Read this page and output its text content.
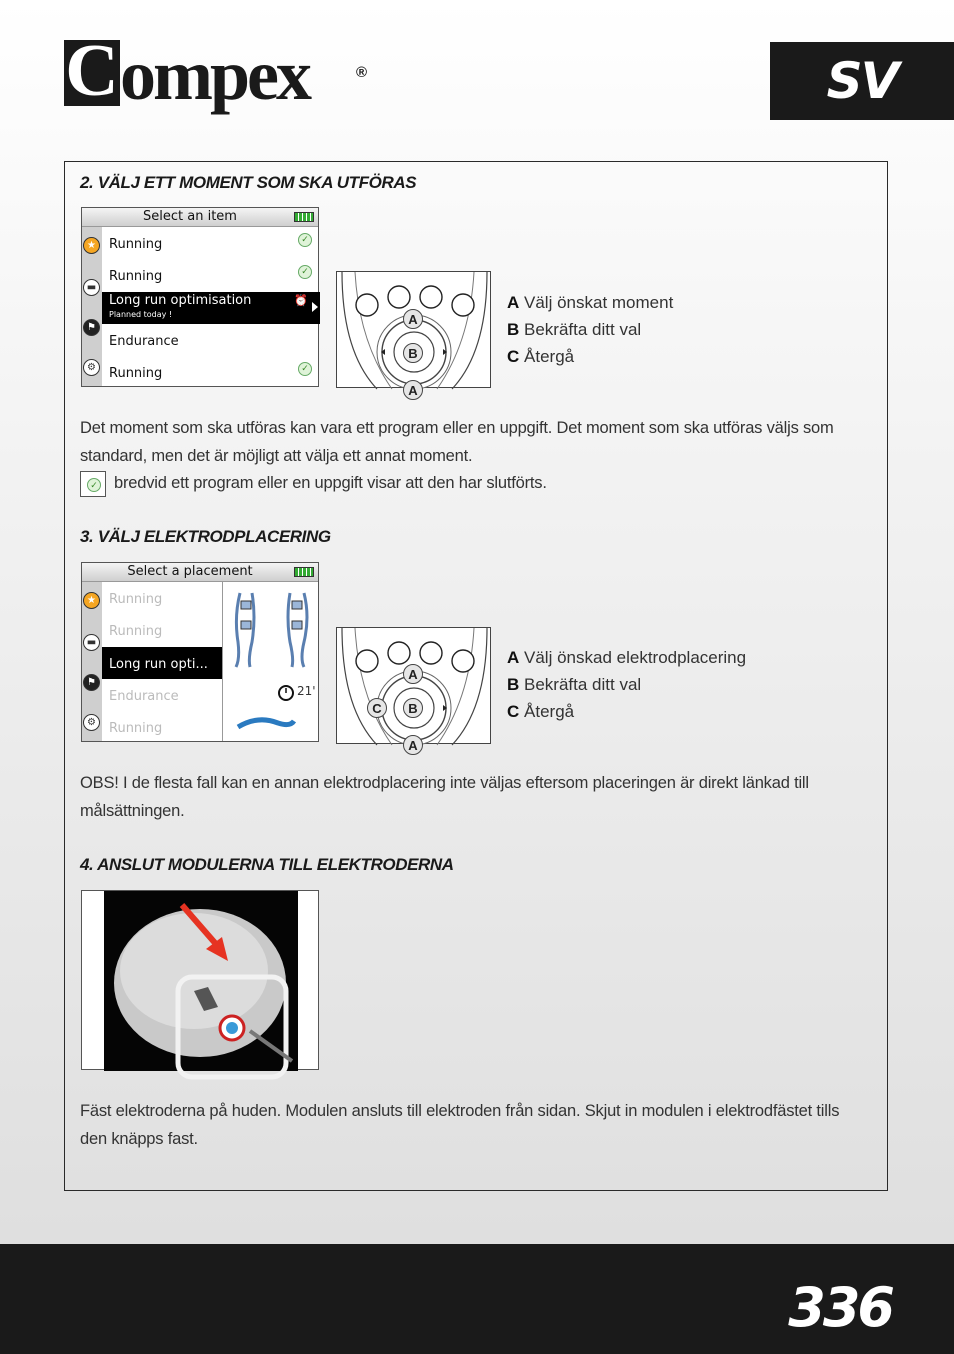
C ompex	®	SV
2. VÄLJ ETT MOMENT SOM SKA UTFÖRAS
Select an item
★
▬
⚑
⚙
Running	✓
Running	✓
Long run optimisation
Planned today !
⏰
Endurance
Running	✓
A
B
A
A Välj önskat moment
B Bekräfta ditt val
C Återgå
Det moment som ska utföras kan vara ett program eller en uppgift. Det moment som ska utföras väljs som standard, men det är möjligt att välja ett annat moment.
✓ bredvid ett program eller en uppgift visar att den har slutförts.
3. VÄLJ ELEKTRODPLACERING
Select a placement
★
▬
⚑
⚙
Running
Running
Long run opti...
Endurance
Running
21'
A
B
C
A
A Välj önskad elektrodplacering
B Bekräfta ditt val
C Återgå
OBS! I de flesta fall kan en annan elektrodplacering inte väljas eftersom placeringen är direkt länkad till målsättningen.
4. ANSLUT MODULERNA TILL ELEKTRODERNA
Fäst elektroderna på huden. Modulen ansluts till elektroden från sidan. Skjut in modulen i elektrodfästet tills den knäpps fast.
336
